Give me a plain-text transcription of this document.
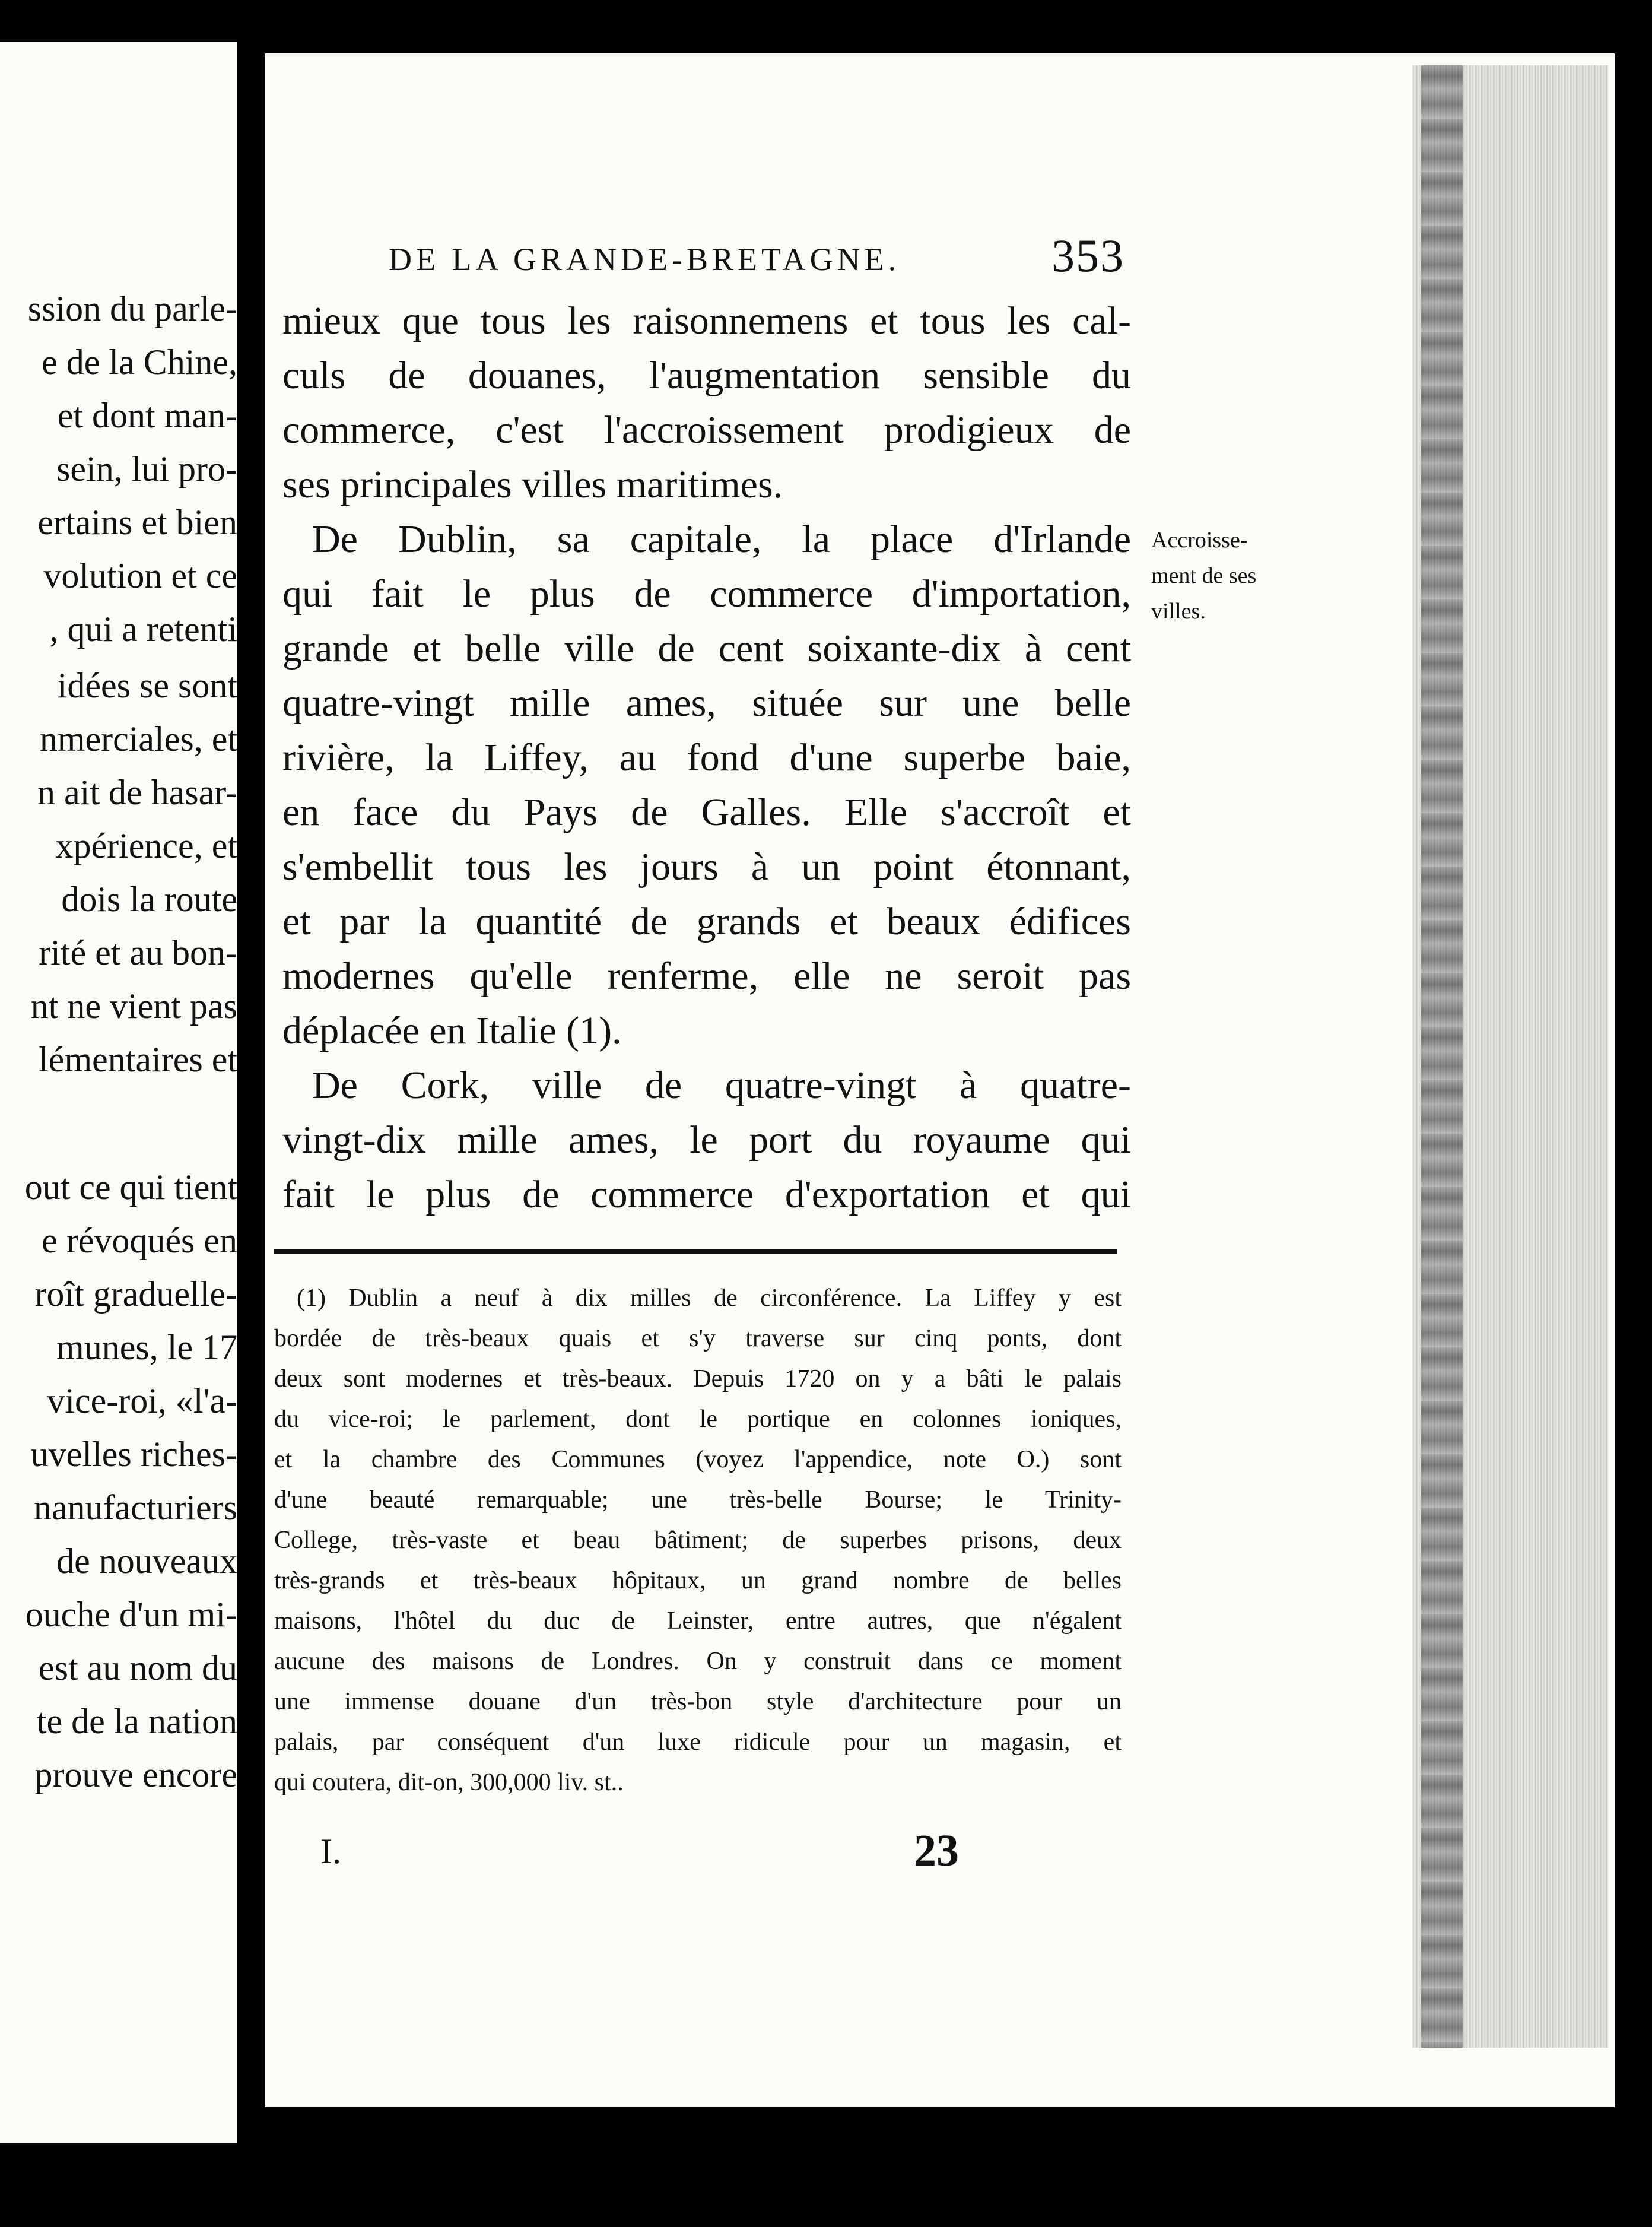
ssion du parle-
e de la Chine,
et dont man-
sein, lui pro-
ertains et bien
volution et ce
, qui a retenti
idées se sont
nmerciales, et
n ait de hasar-
xpérience, et
dois la route
rité et au bon-
nt ne vient pas
lémentaires et
out ce qui tient
e révoqués en
roît graduelle-
munes, le 17
vice-roi, «l'a-
uvelles riches-
nanufacturiers
de nouveaux
ouche d'un mi-
est au nom du
te de la nation
prouve encore
DE LA GRANDE-BRETAGNE.	353
mieux que tous les raisonnemens et tous les cal-
culs de douanes, l'augmentation sensible du
commerce, c'est l'accroissement prodigieux de
ses principales villes maritimes.
De Dublin, sa capitale, la place d'Irlande
qui fait le plus de commerce d'importation,
grande et belle ville de cent soixante-dix à cent
quatre-vingt mille ames, située sur une belle
rivière, la Liffey, au fond d'une superbe baie,
en face du Pays de Galles. Elle s'accroît et
s'embellit tous les jours à un point étonnant,
et par la quantité de grands et beaux édifices
modernes qu'elle renferme, elle ne seroit pas
déplacée en Italie (1).
De Cork, ville de quatre-vingt à quatre-
vingt-dix mille ames, le port du royaume qui
fait le plus de commerce d'exportation et qui
Accroisse-
ment de ses
villes.
(1) Dublin a neuf à dix milles de circonférence. La Liffey y est
bordée de très-beaux quais et s'y traverse sur cinq ponts, dont
deux sont modernes et très-beaux. Depuis 1720 on y a bâti le palais
du vice-roi; le parlement, dont le portique en colonnes ioniques,
et la chambre des Communes (voyez l'appendice, note O.) sont
d'une beauté remarquable; une très-belle Bourse; le Trinity-
College, très-vaste et beau bâtiment; de superbes prisons, deux
très-grands et très-beaux hôpitaux, un grand nombre de belles
maisons, l'hôtel du duc de Leinster, entre autres, que n'égalent
aucune des maisons de Londres. On y construit dans ce moment
une immense douane d'un très-bon style d'architecture pour un
palais, par conséquent d'un luxe ridicule pour un magasin, et
qui coutera, dit-on, 300,000 liv. st..
I.	23
